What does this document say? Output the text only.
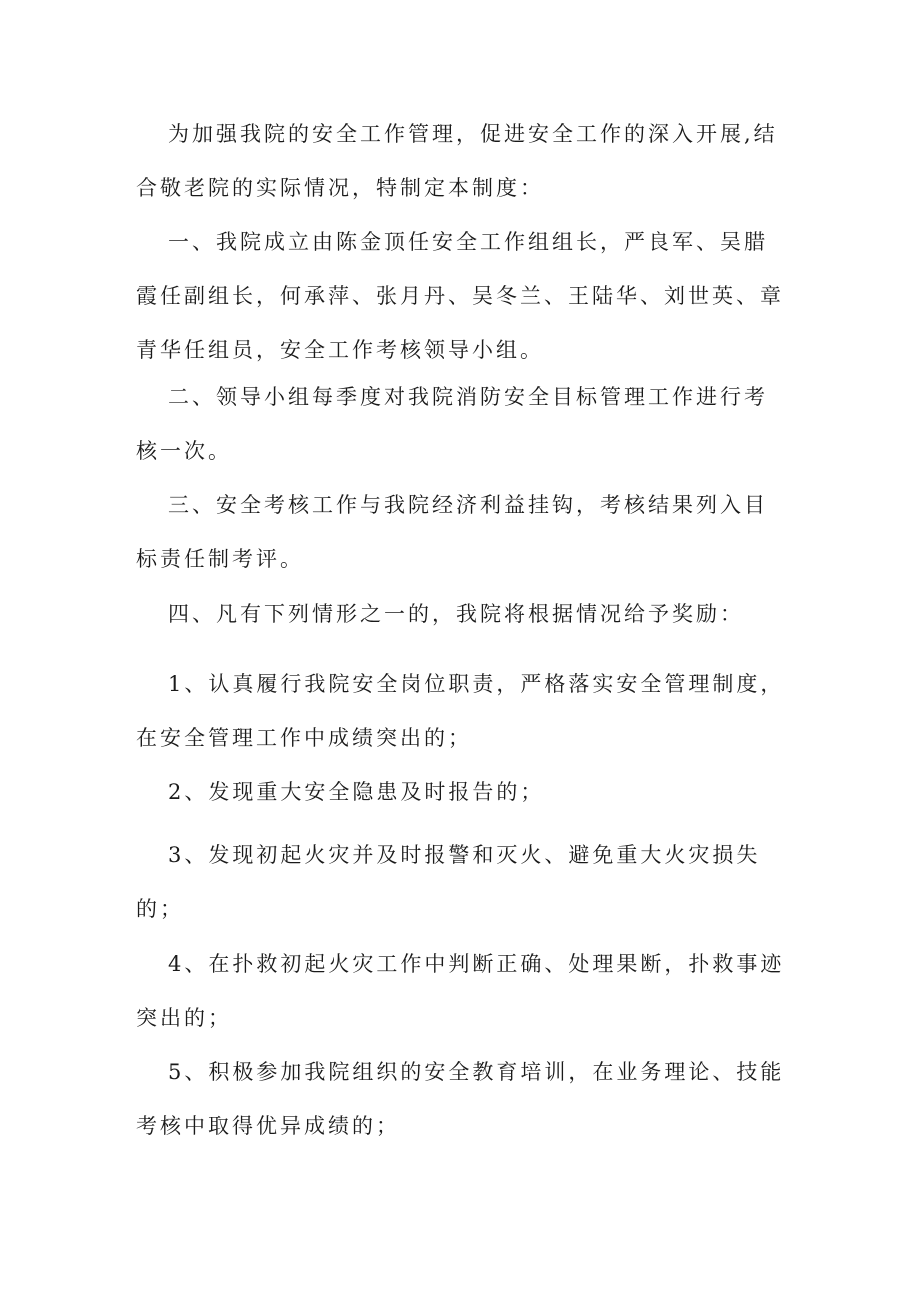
为加强我院的安全工作管理，促进安全工作的深入开展,结合敬老院的实际情况，特制定本制度：

一、我院成立由陈金顶任安全工作组组长，严良军、吴腊霞任副组长，何承萍、张月丹、吴冬兰、王陆华、刘世英、章青华任组员，安全工作考核领导小组。

二、领导小组每季度对我院消防安全目标管理工作进行考核一次。

三、安全考核工作与我院经济利益挂钩，考核结果列入目标责任制考评。

四、凡有下列情形之一的，我院将根据情况给予奖励：

1、认真履行我院安全岗位职责，严格落实安全管理制度，在安全管理工作中成绩突出的；

2、发现重大安全隐患及时报告的；

3、发现初起火灾并及时报警和灭火、避免重大火灾损失的；

4、在扑救初起火灾工作中判断正确、处理果断，扑救事迹突出的；

5、积极参加我院组织的安全教育培训，在业务理论、技能考核中取得优异成绩的；
